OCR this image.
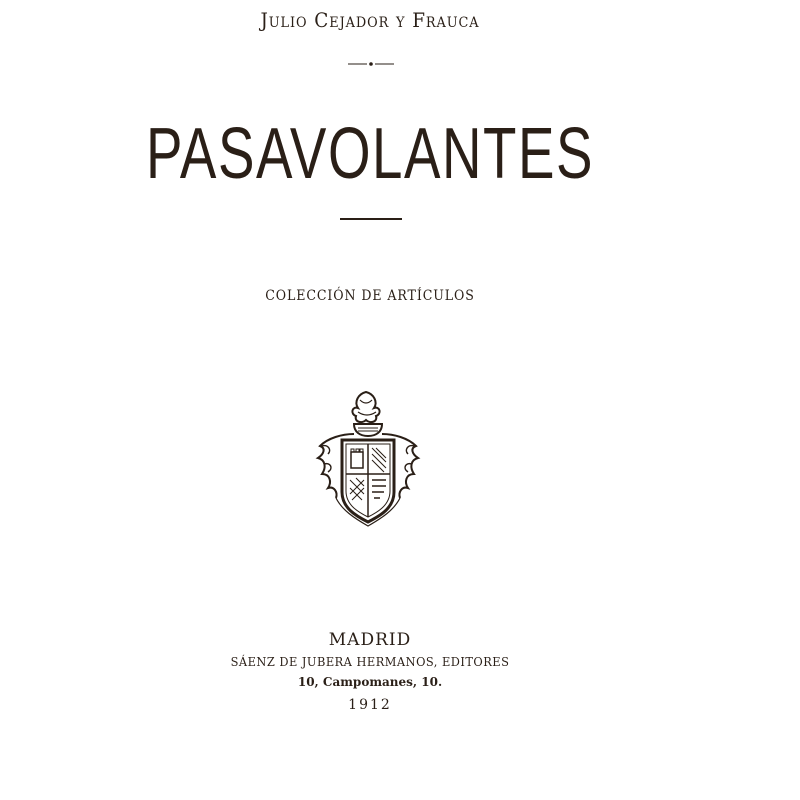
Julio Cejador y Frauca
PASAVOLANTES
COLECCIÓN DE ARTÍCULOS
MADRID
SÁENZ DE JUBERA HERMANOS, EDITORES
10, Campomanes, 10.
1912
